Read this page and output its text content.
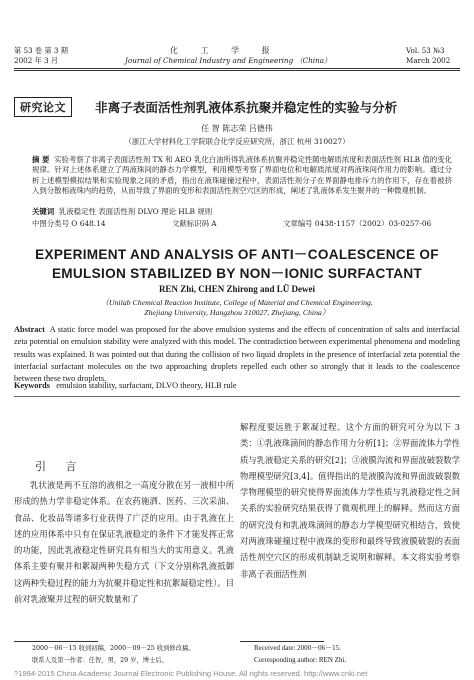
第 53 卷 第 3 期
2002 年 3 月
化 工 学 报
Journal of Chemical Industry and Engineering （China）
Vol. 53 №3
March 2002
研究论文	非离子表面活性剂乳液体系抗聚并稳定性的实验与分析
任 智 陈志荣 吕德伟
（浙江大学材料化工学院联合化学反应研究所，浙江 杭州 310027）
摘 要 实验考察了非离子表面活性剂 TX 和 AEO 乳化白油所得乳液体系抗聚并稳定性随电解质浓度和表面活性剂 HLB 值的变化规律。针对上述体系建立了两液珠间的静态力学模型，利用模型考察了界面电位和电解质浓度对两液珠间作用力的影响。通过分析上述模型模拟结果和实验现象之间的矛盾，指出在液珠碰撞过程中，表面活性剂分子在界面静电排斥力的作用下，存在着被挤入到分散相液珠内的趋势，从而导致了界面的变形和表面活性剂空穴区的形成，阐述了乳液体系发生聚并的一种微观机制。
关键词 乳液稳定性 表面活性剂 DLVO 理论 HLB 规则
中图分类号 O 648.14	文献标识码 A	文章编号 0438-1157（2002）03-0257-06
EXPERIMENT AND ANALYSIS OF ANTI－COALESCENCE OF
EMULSION STABILIZED BY NON－IONIC SURFACTANT
REN Zhi, CHEN Zhirong and LÜ Dewei
（Unilab Chemical Reaction Institute, College of Material and Chemical Engineering,
Zhejiang University, Hangzhou 310027, Zhejiang, China）
Abstract A static force model was proposed for the above emulsion systems and the effects of concentration of salts and interfacial zeta potential on emulsion stability were analyzed with this model. The contradiction between experimental phenomena and modeling results was explained. It was pointed out that during the collision of two liquid droplets in the presence of interfacial zeta potential the interfacial surfactant molecules on the two approaching droplets repelled each other so strongly that it leads to the coalescence between these two droplets.
Keywords emulsion stability, surfactant, DLVO theory, HLB rule
引 言
乳状液是两不互溶的液相之一高度分散在另一液相中所形成的热力学非稳定体系。在农药施洒、医药、三次采油、食品、化妆品等诸多行业获得了广泛的应用。由于乳液在上述的应用体系中只有在保证乳液稳定的条件下才能发挥正常的功能，因此乳液稳定性研究具有相当大的实用意义。乳液体系主要有聚并和絮凝两种失稳方式（下文分别称乳液抵御这两种失稳过程的能力为抗聚并稳定性和抗絮凝稳定性）。目前对乳液聚并过程的研究数量和了
解程度要远胜于絮凝过程。这个方面的研究可分为以下 3 类：①乳液珠滴间的静态作用力分析[1]；②界面流体力学性质与乳液稳定关系的研究[2]；③液膜沟流和界面波破裂数学物理模型研究[3,4]。值得指出的是液膜沟流和界面波破裂数学物理模型的研究使得界面流体力学性质与乳液稳定性之间关系的实验研究结果获得了微观机理上的解释。然而这方面的研究没有和乳液珠滴间的静态力学模型研究相结合，致使对两液珠碰撞过程中液珠的变形和最终导致液膜破裂的表面活性剂空穴区的形成机制缺乏说明和解释。本文将实验考察非离子表面活性剂
2000－06－15 收到初稿，2000－09－25 收到修改稿。
联系人及第一作者：任智，男，29 岁，博士后。
Received date: 2000－06－15.
Corresponding author: REN Zhi.
?1994-2015 China Academic Journal Electronic Publishing House. All rights reserved. http://www.cnki.net
